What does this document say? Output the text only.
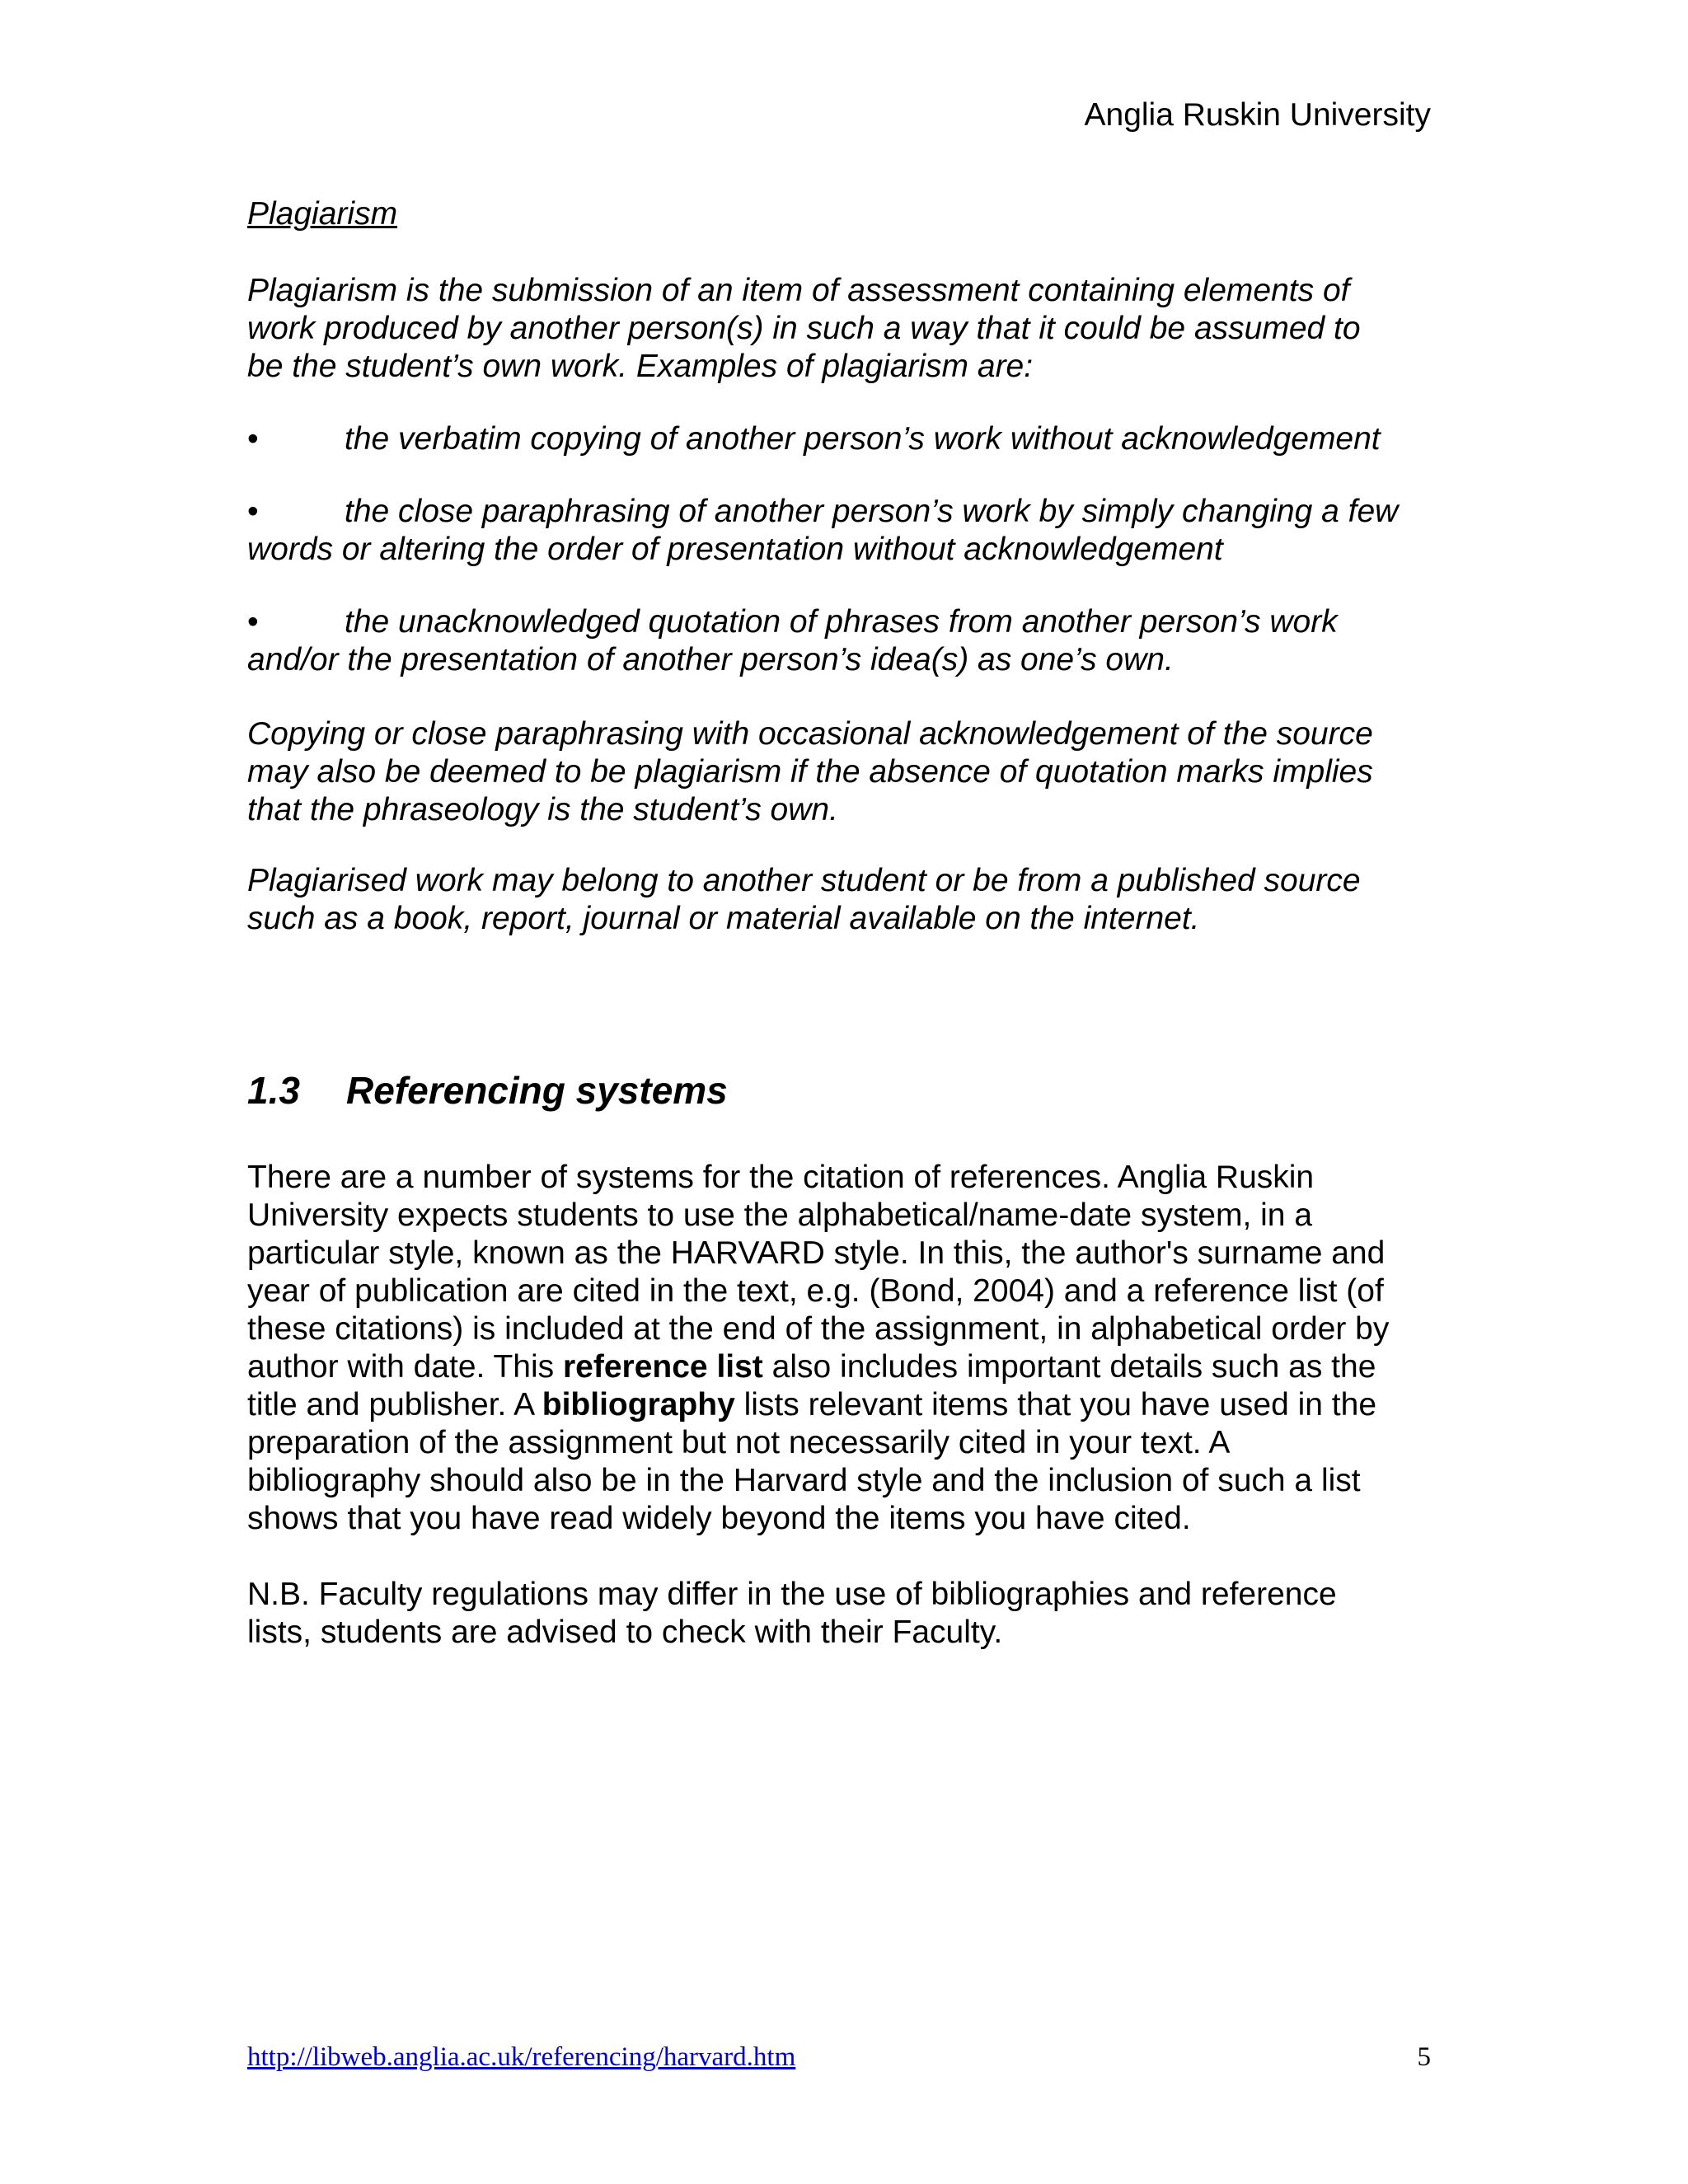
Anglia Ruskin University
Plagiarism
Plagiarism is the submission of an item of assessment containing elements of
work produced by another person(s) in such a way that it could be assumed to
be the student’s own work. Examples of plagiarism are:
•	the verbatim copying of another person’s work without acknowledgement
•	the close paraphrasing of another person’s work by simply changing a few
words or altering the order of presentation without acknowledgement
•	the unacknowledged quotation of phrases from another person’s work
and/or the presentation of another person’s idea(s) as one’s own.
Copying or close paraphrasing with occasional acknowledgement of the source
may also be deemed to be plagiarism if the absence of quotation marks implies
that the phraseology is the student’s own.
Plagiarised work may belong to another student or be from a published source
such as a book, report, journal or material available on the internet.
1.3 Referencing systems
There are a number of systems for the citation of references. Anglia Ruskin
University expects students to use the alphabetical/name-date system, in a
particular style, known as the HARVARD style. In this, the author's surname and
year of publication are cited in the text, e.g. (Bond, 2004) and a reference list (of
these citations) is included at the end of the assignment, in alphabetical order by
author with date. This reference list also includes important details such as the
title and publisher. A bibliography lists relevant items that you have used in the
preparation of the assignment but not necessarily cited in your text. A
bibliography should also be in the Harvard style and the inclusion of such a list
shows that you have read widely beyond the items you have cited.
N.B. Faculty regulations may differ in the use of bibliographies and reference
lists, students are advised to check with their Faculty.
http://libweb.anglia.ac.uk/referencing/harvard.htm	5
